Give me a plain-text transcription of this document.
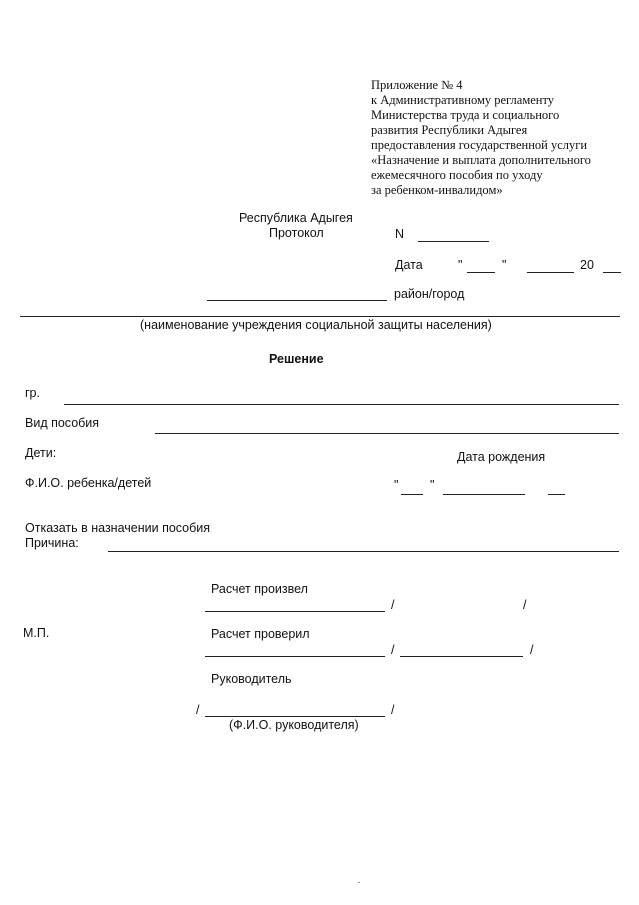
Приложение № 4
к Административному регламенту
Министерства труда и социального
развития Республики Адыгея
предоставления государственной услуги
«Назначение и выплата дополнительного
ежемесячного пособия по уходу
за ребенком-инвалидом»
Республика Адыгея
Протокол	N
Дата	"	"	20
район/город
(наименование учреждения социальной защиты населения)
Решение
гр.
Вид пособия
Дети:	Дата рождения
Ф.И.О. ребенка/детей	"	"
Отказать в назначении пособия
Причина:
Расчет произвел
/	/
М.П.	Расчет проверил
/	/
Руководитель
/	/
(Ф.И.О. руководителя)
